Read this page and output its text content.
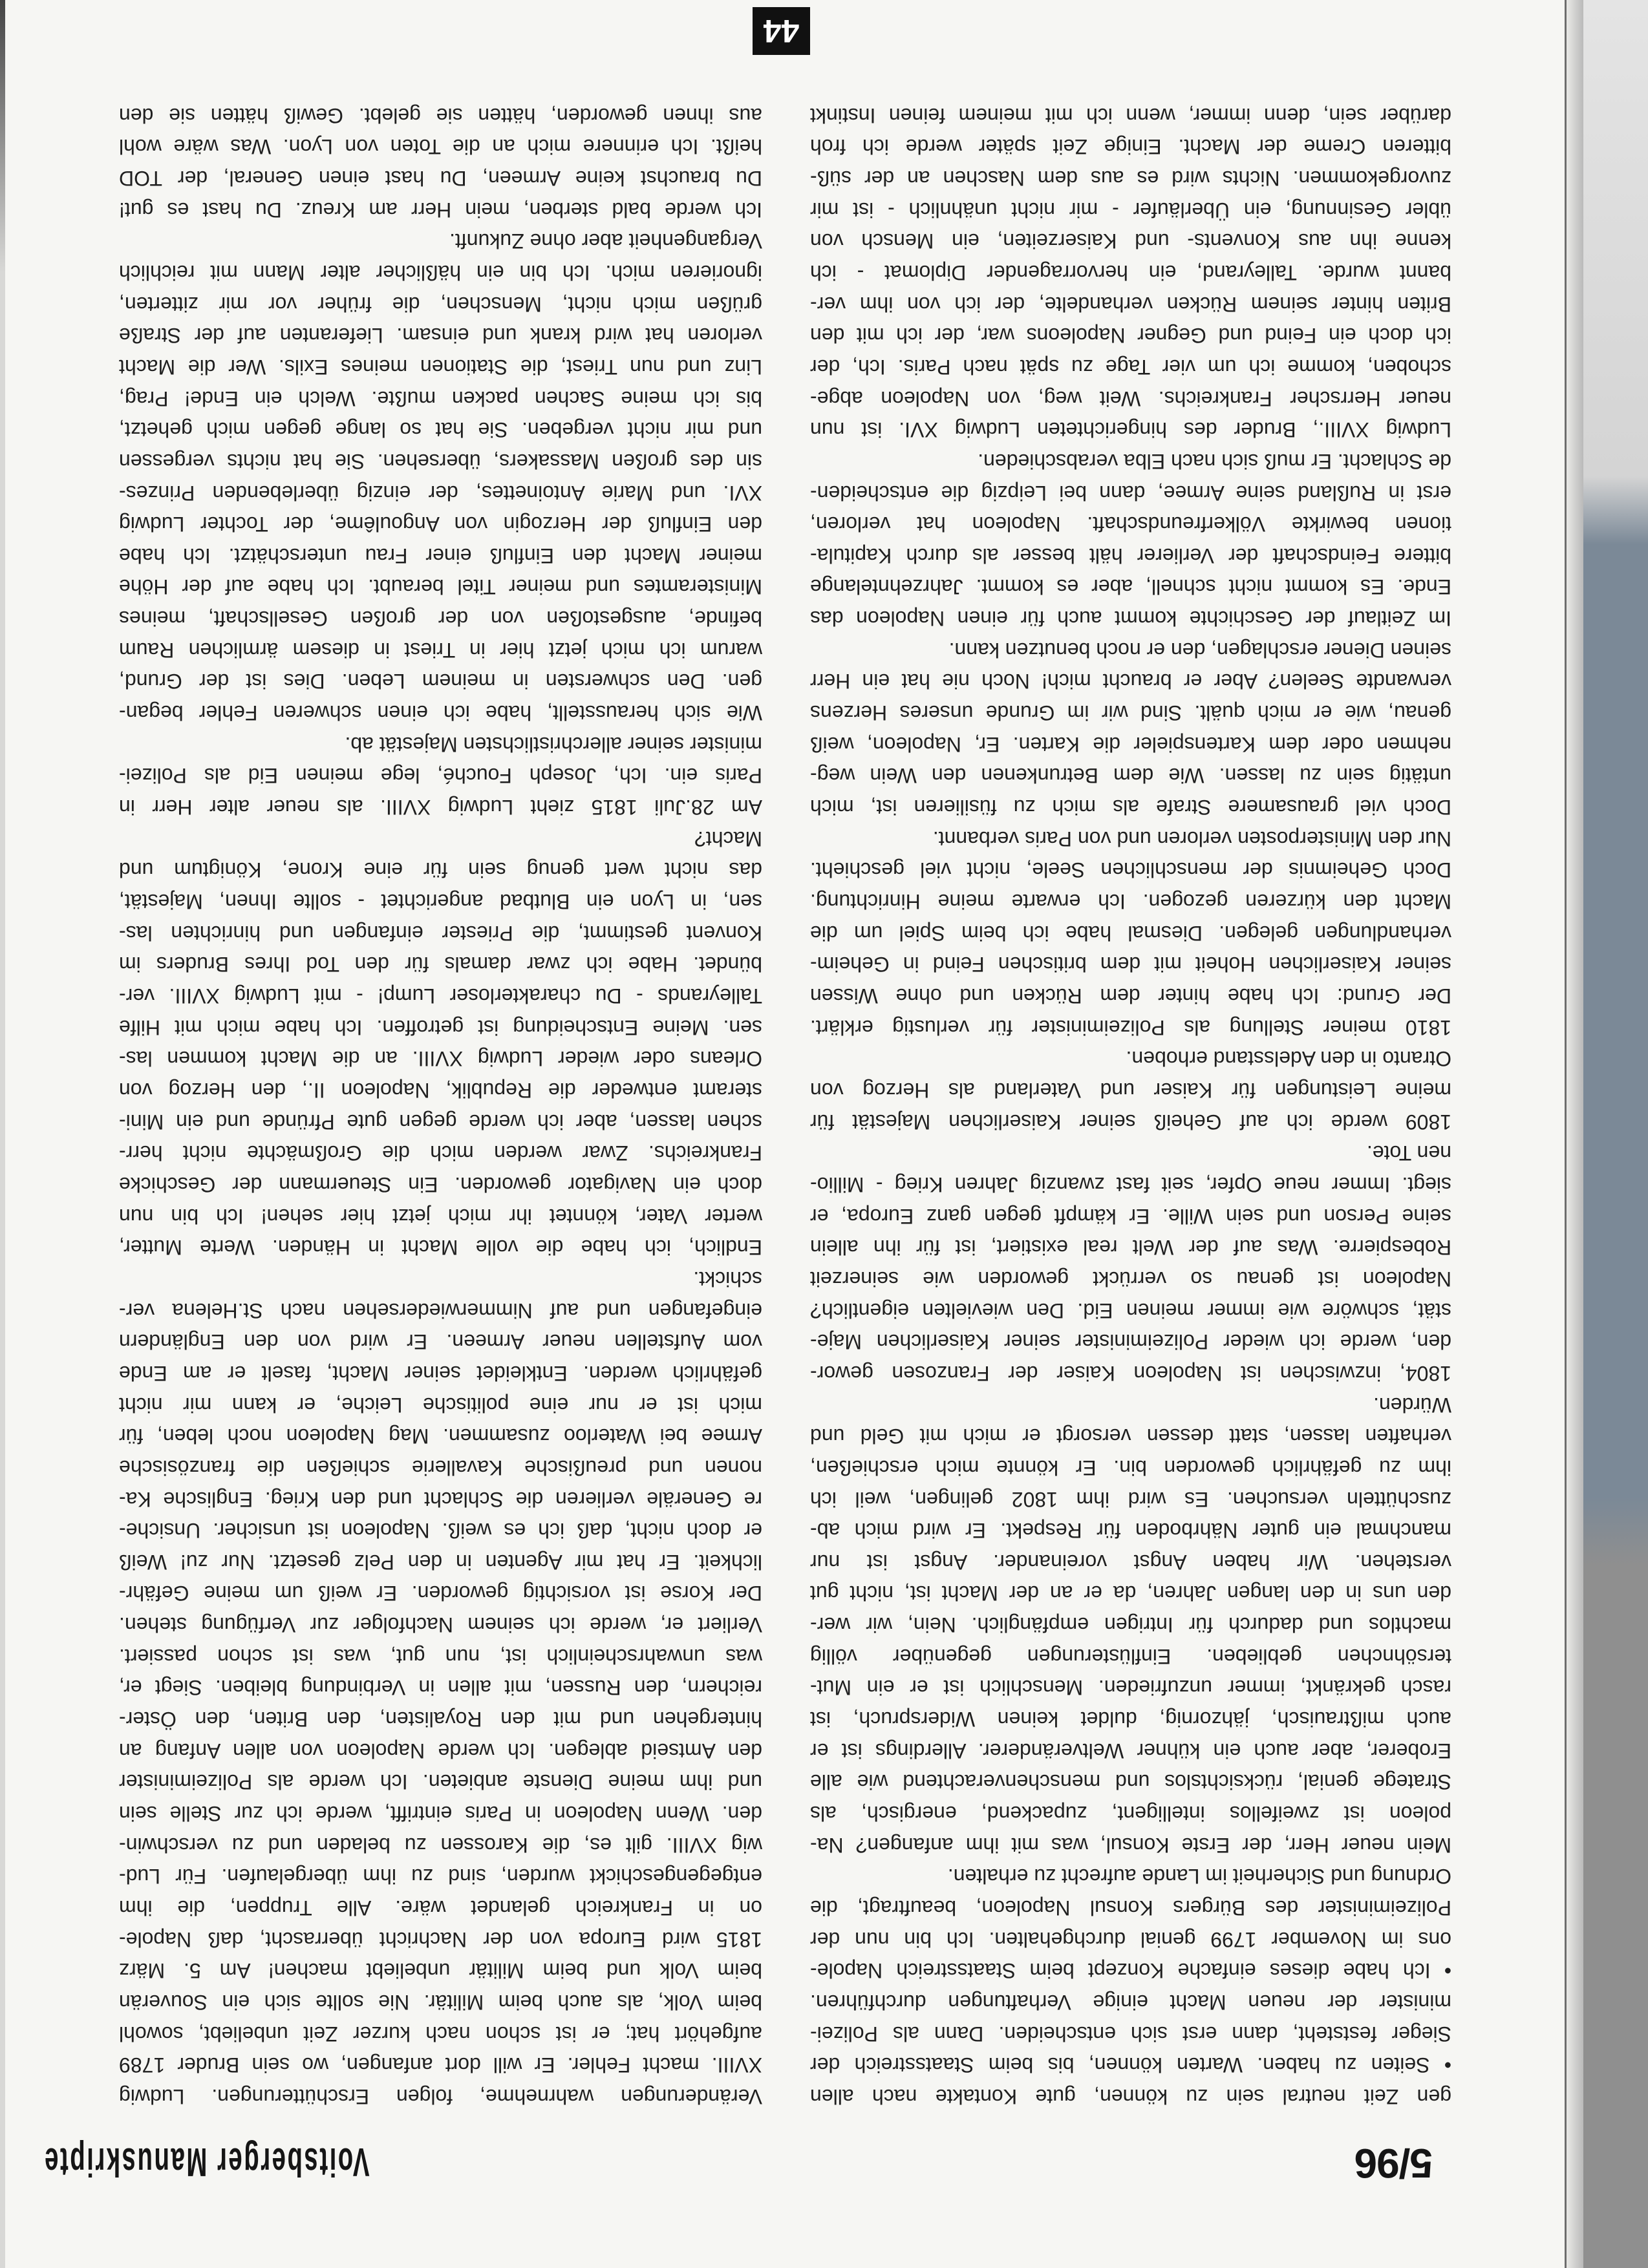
5/96
Voitsberger Manuskripte
gen Zeit neutral sein zu können, gute Kontakte nach allen
• Seiten zu haben. Warten können, bis beim Staatsstreich der
Sieger feststeht, dann erst sich entscheiden. Dann als Polizei-
minister der neuen Macht einige Verhaftungen durchführen.
• Ich habe dieses einfache Konzept beim Staatsstreich Napole-
ons im November 1799 genial durchgehalten. Ich bin nun der
Polizeiminister des Bürgers Konsul Napoleon, beauftragt, die
Ordnung und Sicherheit im Lande aufrecht zu erhalten.
Mein neuer Herr, der Erste Konsul, was mit ihm anfangen? Na-
poleon ist zweifellos intelligent, zupackend, energisch, als
Stratege genial, rücksichtslos und menschenverachtend wie alle
Eroberer, aber auch ein kühner Weltveränderer. Allerdings ist er
auch mißtrauisch, jähzornig, duldet keinen Widerspruch, ist
rasch gekränkt, immer unzufrieden. Menschlich ist er ein Mut-
tersöhnchen geblieben. Einflüsterungen gegenüber völlig
machtlos und dadurch für Intrigen empfänglich. Nein, wir wer-
den uns in den langen Jahren, da er an der Macht ist, nicht gut
verstehen. Wir haben Angst voreinander. Angst ist nur
manchmal ein guter Nährboden für Respekt. Er wird mich ab-
zuschütteln versuchen. Es wird ihm 1802 gelingen, weil ich
ihm zu gefährlich geworden bin. Er könnte mich erschießen,
verhaften lassen, statt dessen versorgt er mich mit Geld und
Würden.
1804, inzwischen ist Napoleon Kaiser der Franzosen gewor-
den, werde ich wieder Polizeiminister seiner Kaiserlichen Maje-
stät, schwöre wie immer meinen Eid. Den wievielten eigentlich?
Napoleon ist genau so verrückt geworden wie seinerzeit
Robespierre. Was auf der Welt real existiert, ist für ihn allein
seine Person und sein Wille. Er kämpft gegen ganz Europa, er
siegt. Immer neue Opfer, seit fast zwanzig Jahren Krieg - Millio-
nen Tote.
1809 werde ich auf Geheiß seiner Kaiserlichen Majestät für
meine Leistungen für Kaiser und Vaterland als Herzog von
Otranto in den Adelsstand erhoben.
1810 meiner Stellung als Polizeiminister für verlustig erklärt.
Der Grund: Ich habe hinter dem Rücken und ohne Wissen
seiner Kaiserlichen Hoheit mit dem britischen Feind in Geheim-
verhandlungen gelegen. Diesmal habe ich beim Spiel um die
Macht den kürzeren gezogen. Ich erwarte meine Hinrichtung.
Doch Geheimnis der menschlichen Seele, nicht viel geschieht.
Nur den Ministerposten verloren und von Paris verbannt.
Doch viel grausamere Strafe als mich zu füsilieren ist, mich
untätig sein zu lassen. Wie dem Betrunkenen den Wein weg-
nehmen oder dem Kartenspieler die Karten. Er, Napoleon, weiß
genau, wie er mich quält. Sind wir im Grunde unseres Herzens
verwandte Seelen? Aber er braucht mich! Noch nie hat ein Herr
seinen Diener erschlagen, den er noch benutzen kann.
Im Zeitlauf der Geschichte kommt auch für einen Napoleon das
Ende. Es kommt nicht schnell, aber es kommt. Jahrzehntelange
bittere Feindschaft der Verlierer hält besser als durch Kapitula-
tionen bewirkte Völkerfreundschaft. Napoleon hat verloren,
erst in Rußland seine Armee, dann bei Leipzig die entscheiden-
de Schlacht. Er muß sich nach Elba verabschieden.
Ludwig XVIII., Bruder des hingerichteten Ludwig XVI. ist nun
neuer Herrscher Frankreichs. Weit weg, von Napoleon abge-
schoben, komme ich um vier Tage zu spät nach Paris. Ich, der
ich doch ein Feind und Gegner Napoleons war, der ich mit den
Briten hinter seinem Rücken verhandelte, der ich von ihm ver-
bannt wurde. Talleyrand, ein hervorragender Diplomat - ich
kenne ihn aus Konvents- und Kaiserzeiten, ein Mensch von
übler Gesinnung, ein Überläufer - mir nicht unähnlich - ist mir
zuvorgekommen. Nichts wird es aus dem Naschen an der süß-
bitteren Creme der Macht. Einige Zeit später werde ich froh
darüber sein, denn immer, wenn ich mit meinem feinen Instinkt
Veränderungen wahrnehme, folgen Erschütterungen. Ludwig
XVIII. macht Fehler. Er will dort anfangen, wo sein Bruder 1789
aufgehört hat; er ist schon nach kurzer Zeit unbeliebt, sowohl
beim Volk, als auch beim Militär. Nie sollte sich ein Souverän
beim Volk und beim Militär unbeliebt machen! Am 5. März
1815 wird Europa von der Nachricht überrascht, daß Napole-
on in Frankreich gelandet wäre. Alle Truppen, die ihm
entgegengeschickt wurden, sind zu ihm übergelaufen. Für Lud-
wig XVIII. gilt es, die Karossen zu beladen und zu verschwin-
den. Wenn Napoleon in Paris eintrifft, werde ich zur Stelle sein
und ihm meine Dienste anbieten. Ich werde als Polizeiminister
den Amtseid ablegen. Ich werde Napoleon von allen Anfang an
hintergehen und mit den Royalisten, den Briten, den Öster-
reichern, den Russen, mit allen in Verbindung bleiben. Siegt er,
was unwahrscheinlich ist, nun gut, was ist schon passiert.
Verliert er, werde ich seinem Nachfolger zur Verfügung stehen.
Der Korse ist vorsichtig geworden. Er weiß um meine Gefähr-
lichkeit. Er hat mir Agenten in den Pelz gesetzt. Nur zu! Weiß
er doch nicht, daß ich es weiß. Napoleon ist unsicher. Unsiche-
re Generäle verlieren die Schlacht und den Krieg. Englische Ka-
nonen und preußische Kavallerie schießen die französische
Armee bei Waterloo zusammen. Mag Napoleon noch leben, für
mich ist er nur eine politische Leiche, er kann mir nicht
gefährlich werden. Entkleidet seiner Macht, faselt er am Ende
vom Aufstellen neuer Armeen. Er wird von den Engländern
eingefangen und auf Nimmerwiedersehen nach St.Helena ver-
schickt.
Endlich, ich habe die volle Macht in Händen. Werte Mutter,
werter Vater, könntet ihr mich jetzt hier sehen! Ich bin nun
doch ein Navigator geworden. Ein Steuermann der Geschicke
Frankreichs. Zwar werden mich die Großmächte nicht herr-
schen lassen, aber ich werde gegen gute Pfründe und ein Mini-
steramt entweder die Republik, Napoleon II., den Herzog von
Orleans oder wieder Ludwig XVIII. an die Macht kommen las-
sen. Meine Entscheidung ist getroffen. Ich habe mich mit Hilfe
Talleyrands - Du charakterloser Lump! - mit Ludwig XVIII. ver-
bündet. Habe ich zwar damals für den Tod Ihres Bruders im
Konvent gestimmt, die Priester einfangen und hinrichten las-
sen, in Lyon ein Blutbad angerichtet - sollte Ihnen, Majestät,
das nicht wert genug sein für eine Krone, Königtum und
Macht?
Am 28.Juli 1815 zieht Ludwig XVIII. als neuer alter Herr in
Paris ein. Ich, Joseph Fouché, lege meinen Eid als Polizei-
minister seiner allerchristlichsten Majestät ab.
Wie sich herausstellt, habe ich einen schweren Fehler began-
gen. Den schwersten in meinem Leben. Dies ist der Grund,
warum ich mich jetzt hier in Triest in diesem ärmlichen Raum
befinde, ausgestoßen von der großen Gesellschaft, meines
Ministeramtes und meiner Titel beraubt. Ich habe auf der Höhe
meiner Macht den Einfluß einer Frau unterschätzt. Ich habe
den Einfluß der Herzogin von Angoulême, der Tochter Ludwig
XVI. und Marie Antoinettes, der einzig überlebenden Prinzes-
sin des großen Massakers, übersehen. Sie hat nichts vergessen
und mir nicht vergeben. Sie hat so lange gegen mich gehetzt,
bis ich meine Sachen packen mußte. Welch ein Ende! Prag,
Linz und nun Triest, die Stationen meines Exils. Wer die Macht
verloren hat wird krank und einsam. Lieferanten auf der Straße
grüßen mich nicht, Menschen, die früher vor mir zitterten,
ignorieren mich. Ich bin ein häßlicher alter Mann mit reichlich
Vergangenheit aber ohne Zukunft.
Ich werde bald sterben, mein Herr am Kreuz. Du hast es gut!
Du brauchst keine Armeen, Du hast einen General, der TOD
heißt. Ich erinnere mich an die Toten von Lyon. Was wäre wohl
aus ihnen geworden, hätten sie gelebt. Gewiß hätten sie den
44
